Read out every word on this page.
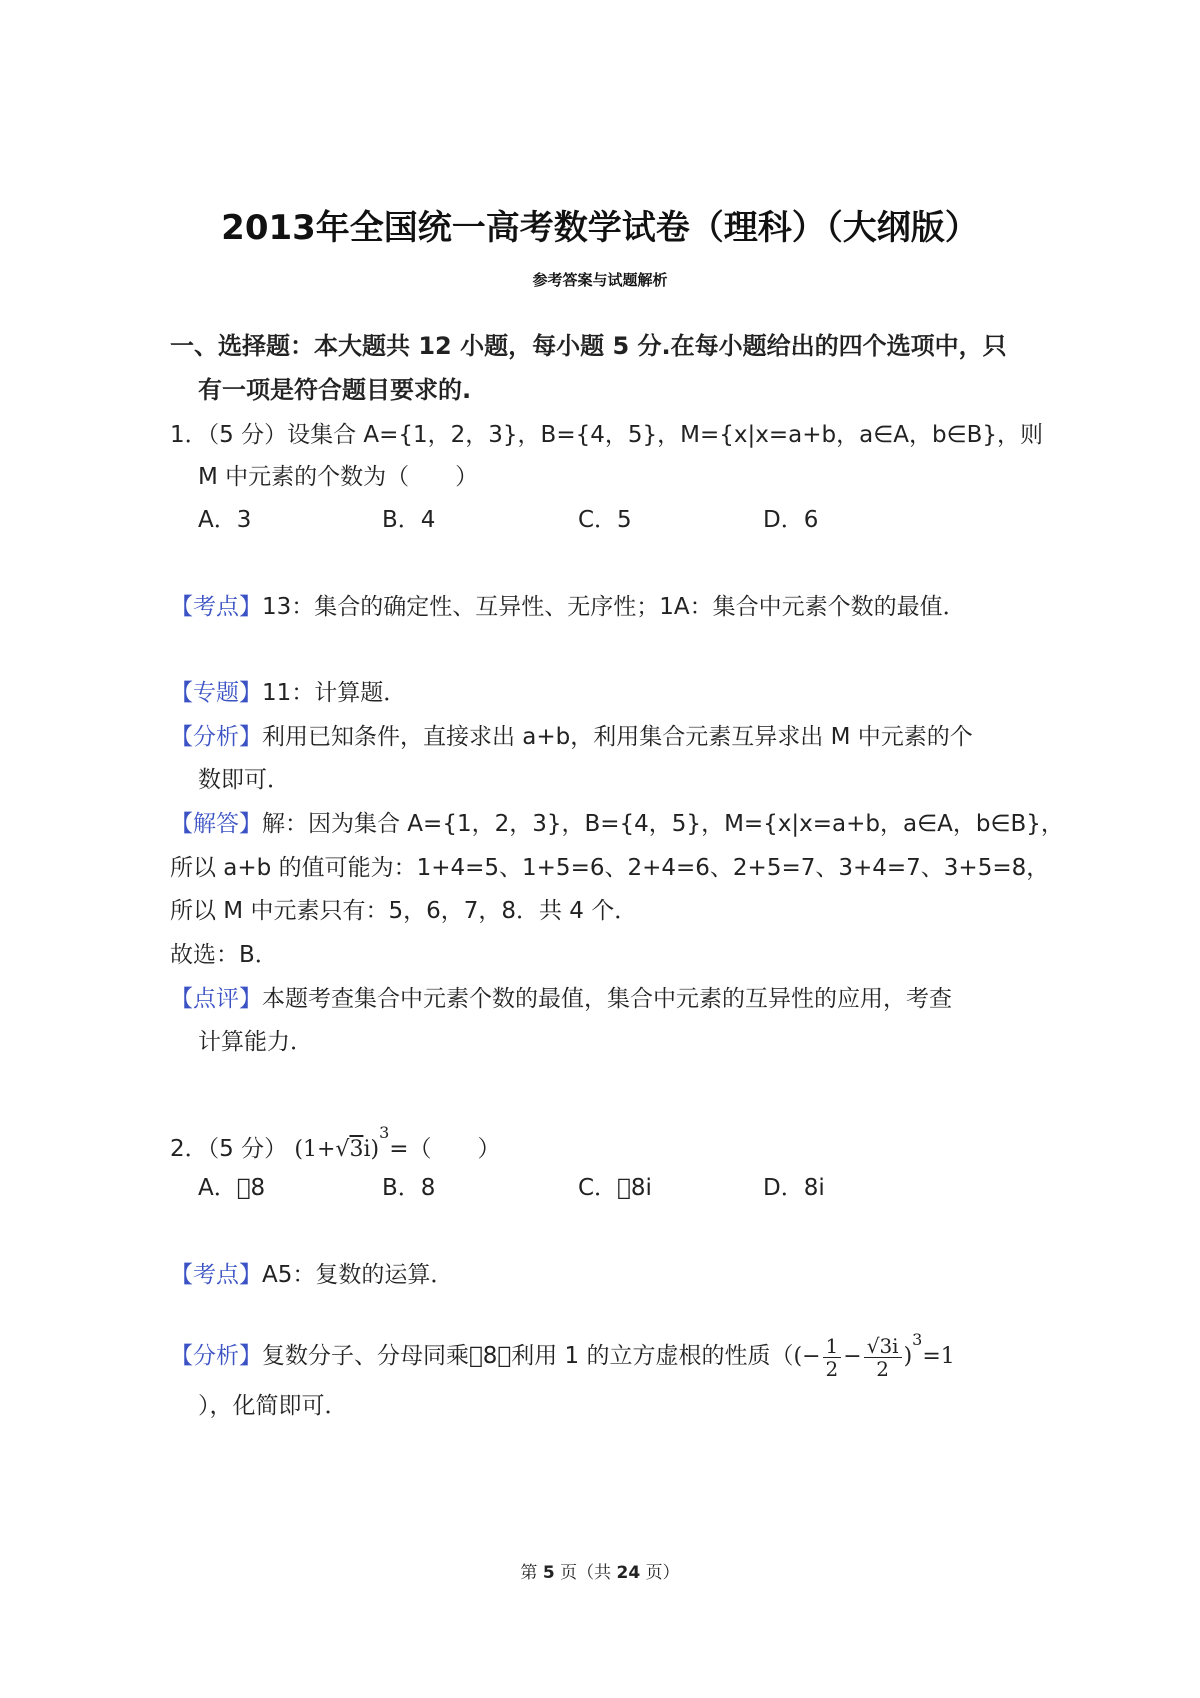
2013年全国统一高考数学试卷（理科）（大纲版）
参考答案与试题解析
一、选择题：本大题共 12 小题，每小题 5 分.在每小题给出的四个选项中，只
有一项是符合题目要求的.
1．（5 分）设集合 A={1，2，3}，B={4，5}，M={x|x=a+b，a∈A，b∈B}，则
M 中元素的个数为（　　）
A．3	B．4	C．5	D．6
【考点】13：集合的确定性、互异性、无序性；1A：集合中元素个数的最值．
【专题】11：计算题．
【分析】利用已知条件，直接求出 a+b，利用集合元素互异求出 M 中元素的个
数即可．
【解答】解：因为集合 A={1，2，3}，B={4，5}，M={x|x=a+b，a∈A，b∈B}，
所以 a+b 的值可能为：1+4=5、1+5=6、2+4=6、2+5=7、3+4=7、3+5=8，
所以 M 中元素只有：5，6，7，8．共 4 个．
故选：B．
【点评】本题考查集合中元素个数的最值，集合中元素的互异性的应用，考查
计算能力．
2．（5 分） $(1+√3i)^3=$（　　）
A．􀀀8	B．8	C．􀀀8i	D．8i
【考点】A5：复数的运算．
【分析】复数分子、分母同乘􀀀8，利用 1 的立方虚根的性质（(− $\frac{1}{2} - \frac{√3i}{2} )^3=1$
），化简即可．
第 5 页（共 24 页）
